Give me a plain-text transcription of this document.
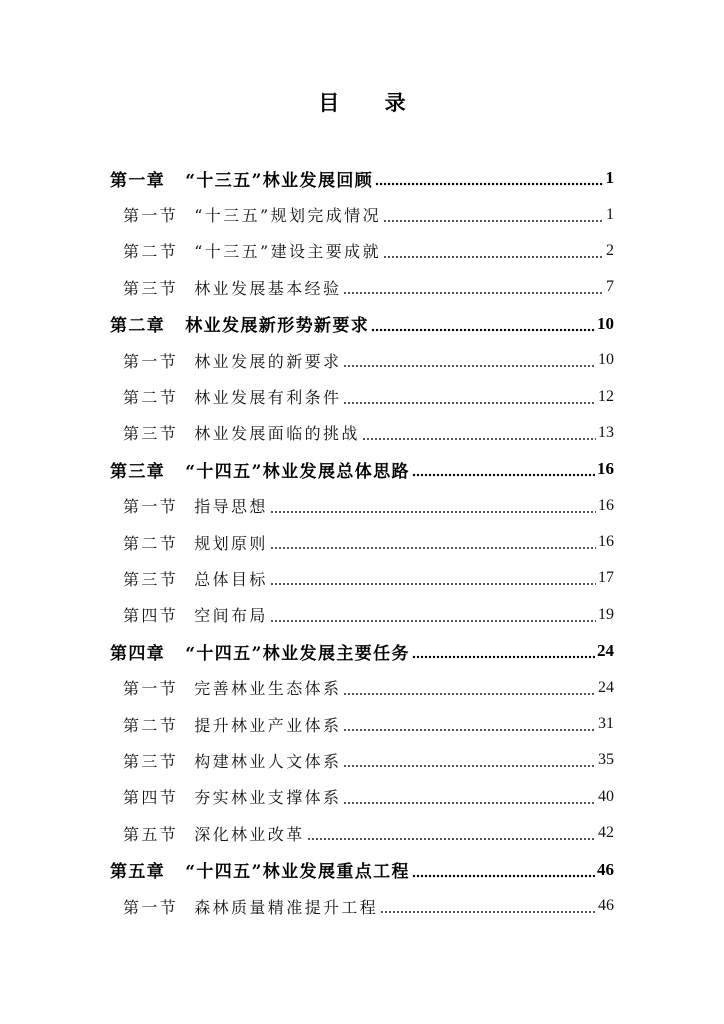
目 录
第一章 “十三五”林业发展回顾	1
第一节 “十三五”规划完成情况	1
第二节 “十三五”建设主要成就	2
第三节 林业发展基本经验	7
第二章 林业发展新形势新要求	10
第一节 林业发展的新要求	10
第二节 林业发展有利条件	12
第三节 林业发展面临的挑战	13
第三章 “十四五”林业发展总体思路	16
第一节 指导思想	16
第二节 规划原则	16
第三节 总体目标	17
第四节 空间布局	19
第四章 “十四五”林业发展主要任务	24
第一节 完善林业生态体系	24
第二节 提升林业产业体系	31
第三节 构建林业人文体系	35
第四节 夯实林业支撑体系	40
第五节 深化林业改革	42
第五章 “十四五”林业发展重点工程	46
第一节 森林质量精准提升工程	46
